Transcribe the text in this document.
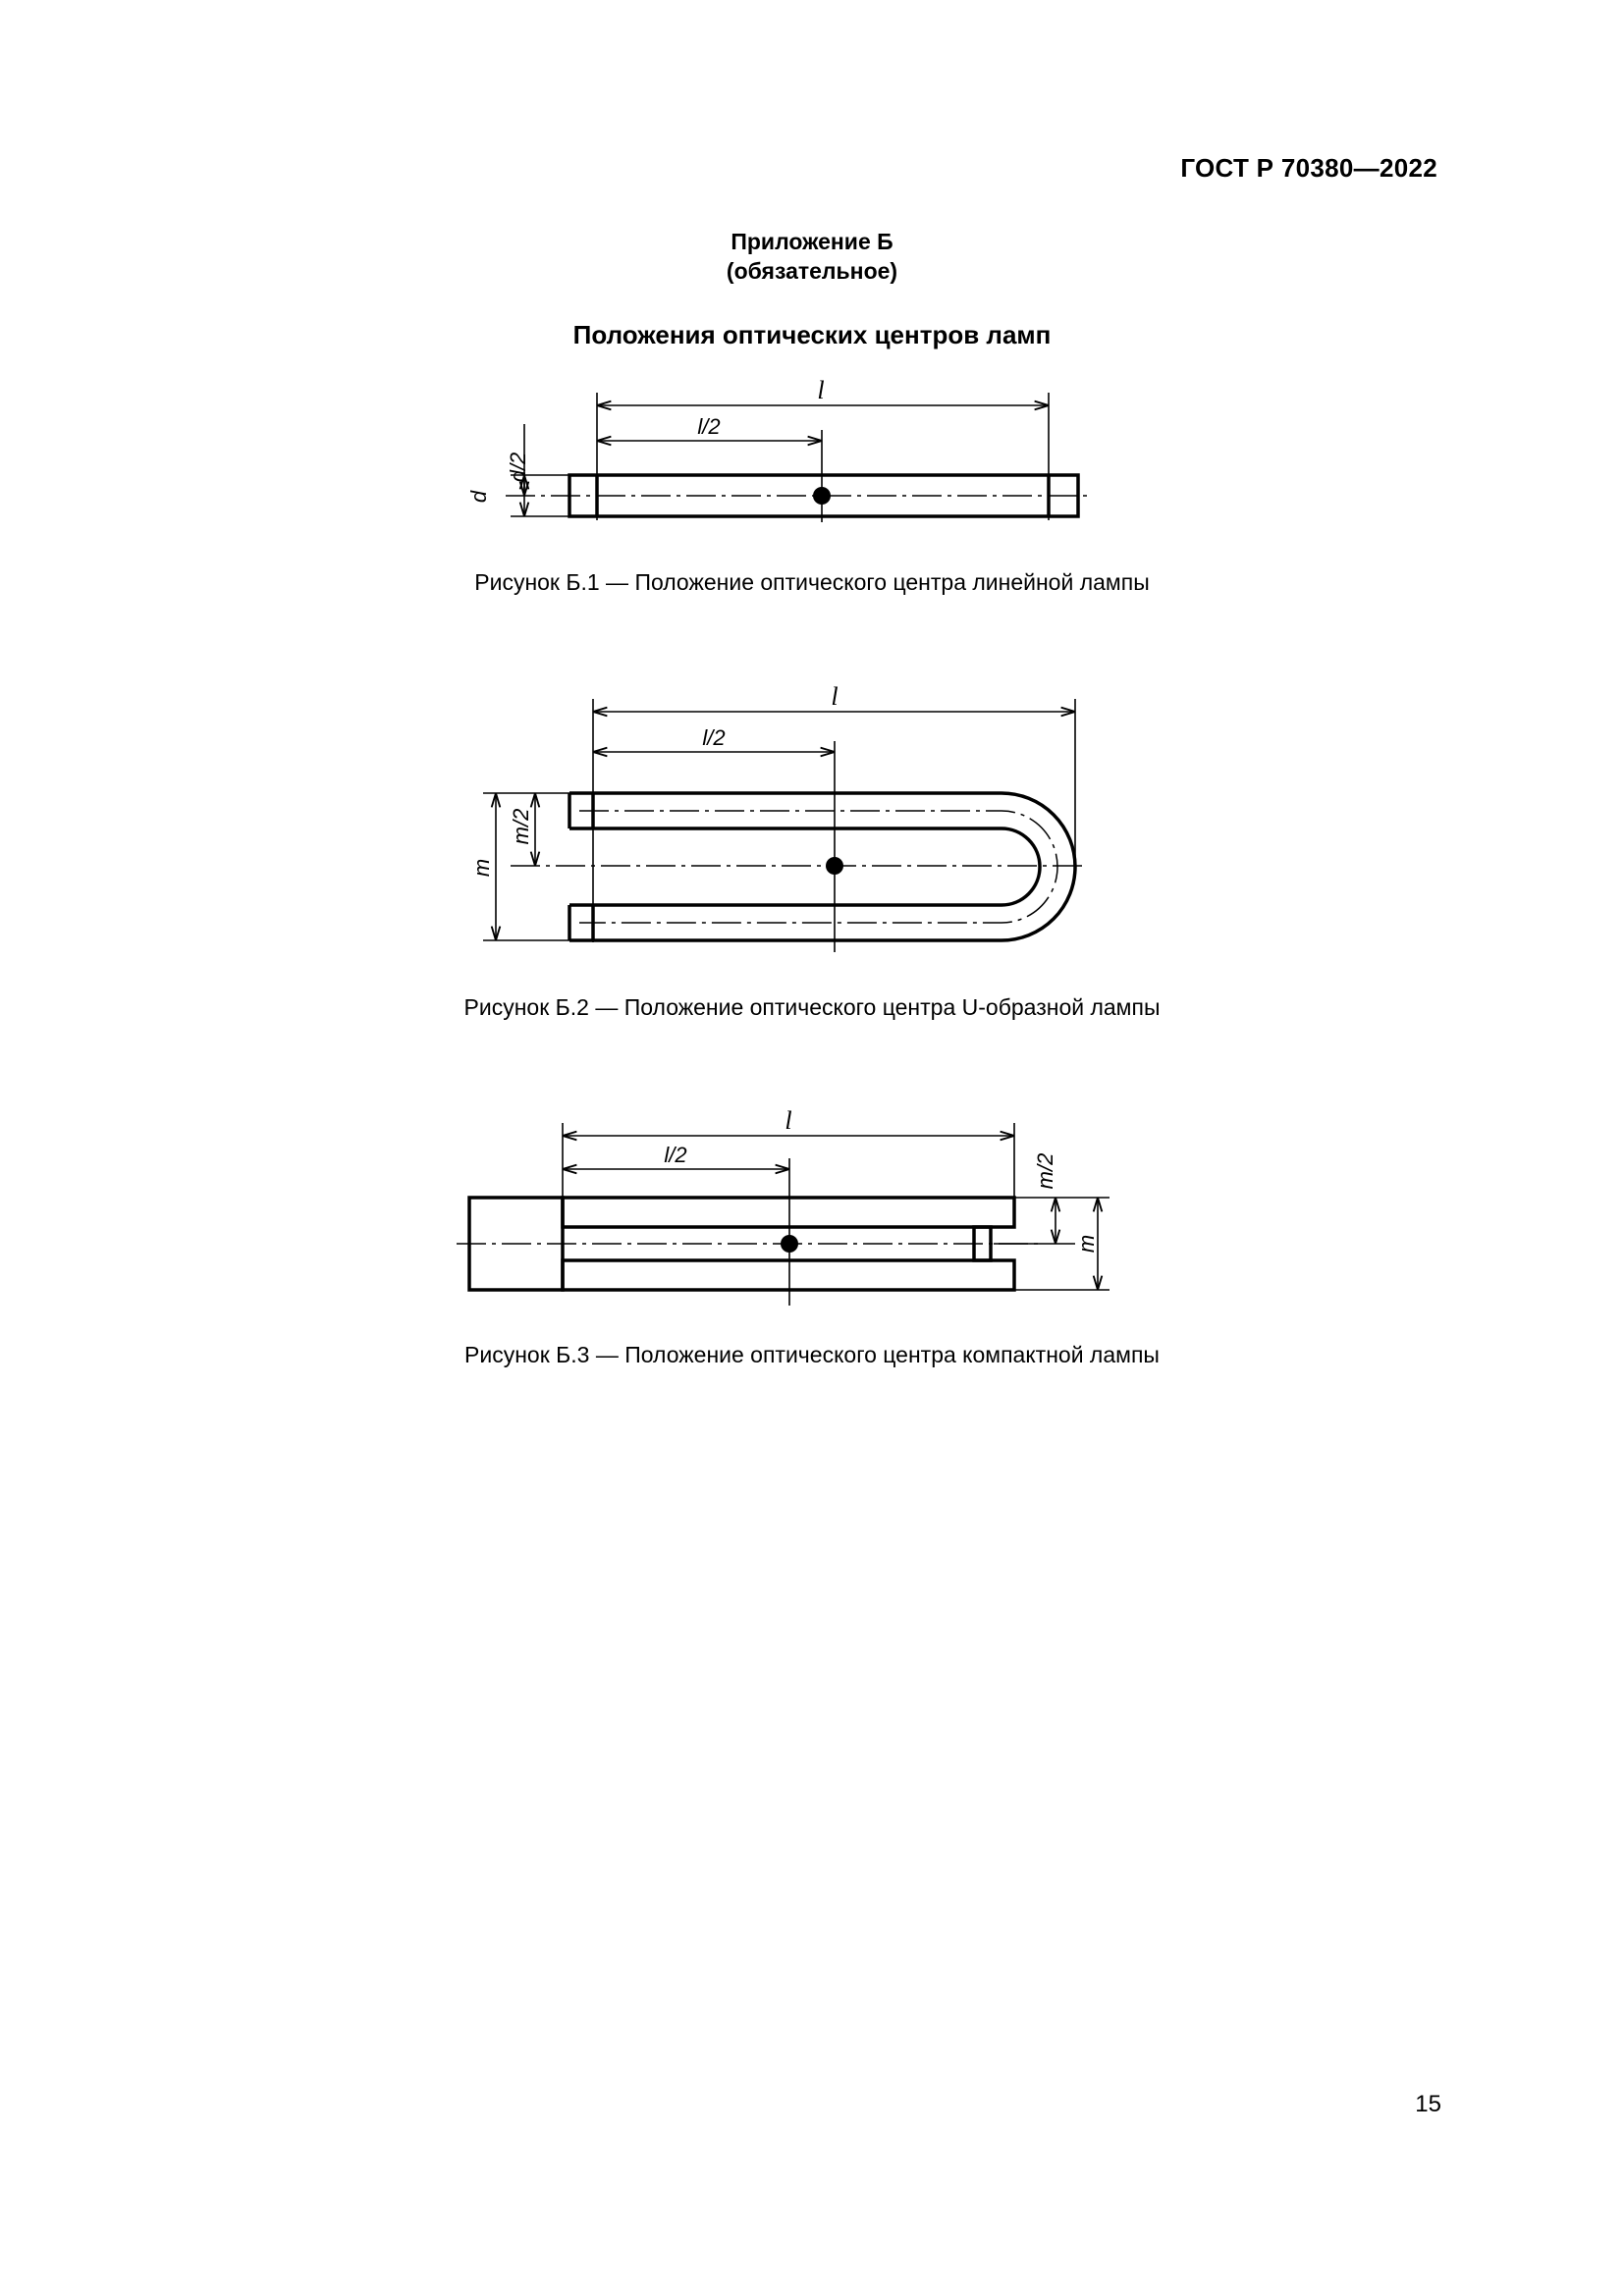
ГОСТ Р 70380—2022
Приложение Б
(обязательное)
Положения оптических центров ламп
l
l/2
d/2
d
Рисунок Б.1 — Положение оптического центра линейной лампы
l
l/2
m/2
m
Рисунок Б.2 — Положение оптического центра U-образной лампы
l
l/2	m/2
m
Рисунок Б.3 — Положение оптического центра компактной лампы
15
